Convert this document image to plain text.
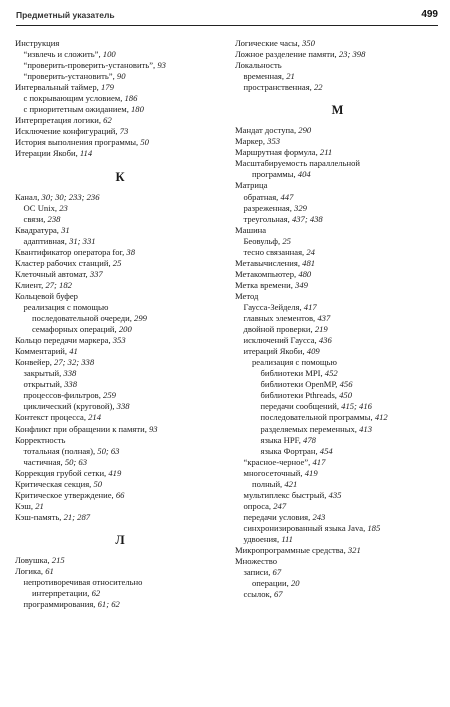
Предметный указатель	499
Инструкция
“извлечь и сложить”, 100
“проверить-проверить-установить”, 93
“проверить-установить”, 90
Интервальный таймер, 179
с покрывающим условием, 186
с приоритетным ожиданием, 180
Интерпретация логики, 62
Исключение конфигураций, 73
История выполнения программы, 50
Итерации Якоби, 114
К
Канал, 30; 30; 233; 236
ОС Unix, 23
связи, 238
Квадратура, 31
адаптивная, 31; 331
Квантификатор оператора for, 38
Кластер рабочих станций, 25
Клеточный автомат, 337
Клиент, 27; 182
Кольцевой буфер
реализация с помощью
последовательной очереди, 299
семафорных операций, 200
Кольцо передачи маркера, 353
Комментарий, 41
Конвейер, 27; 32; 338
закрытый, 338
открытый, 338
процессов-фильтров, 259
циклический (круговой), 338
Контекст процесса, 214
Конфликт при обращении к памяти, 93
Корректность
тотальная (полная), 50; 63
частичная, 50; 63
Коррекция грубой сетки, 419
Критическая секция, 50
Критическое утверждение, 66
Кэш, 21
Кэш-память, 21; 287
Л
Ловушка, 215
Логика, 61
непротиворечивая относительно
интерпретации, 62
программирования, 61; 62
Логические часы, 350
Ложное разделение памяти, 23; 398
Локальность
временная, 21
пространственная, 22
М
Мандат доступа, 290
Маркер, 353
Маршрутная формула, 211
Масштабируемость параллельной
программы, 404
Матрица
обратная, 447
разреженная, 329
треугольная, 437; 438
Машина
Беовульф, 25
тесно связанная, 24
Метавычисления, 481
Метакомпьютер, 480
Метка времени, 349
Метод
Гаусса-Зейделя, 417
главных элементов, 437
двойной проверки, 219
исключений Гаусса, 436
итераций Якоби, 409
реализация с помощью
библиотеки MPI, 452
библиотеки OpenMP, 456
библиотеки Pthreads, 450
передачи сообщений, 415; 416
последовательной программы, 412
разделяемых переменных, 413
языка HPF, 478
языка Фортран, 454
“красное-черное”, 417
многосеточный, 419
полный, 421
мультиплекс быстрый, 435
опроса, 247
передачи условия, 243
синхронизированный языка Java, 185
удвоения, 111
Микропрограммные средства, 321
Множество
записи, 67
операции, 20
ссылок, 67
